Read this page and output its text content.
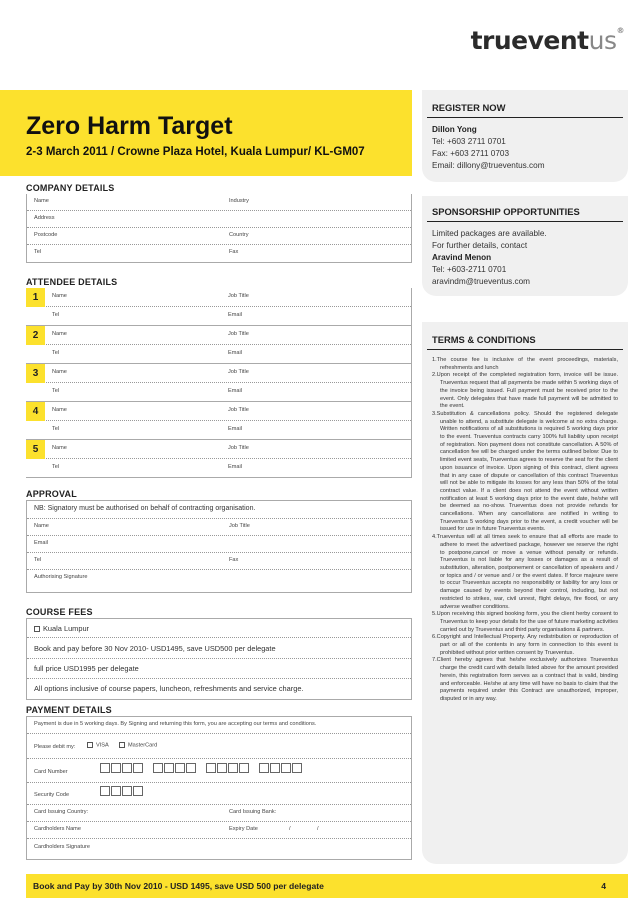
trueventus®
Zero Harm Target
2-3 March 2011 / Crowne Plaza Hotel, Kuala Lumpur/ KL-GM07
COMPANY DETAILS
Name	Industry
Address
Postcode	Country
Tel	Fax
ATTENDEE DETAILS
1	Name	Job Title
Tel	Email
2	Name	Job Title
Tel	Email
3	Name	Job Title
Tel	Email
4	Name	Job Title
Tel	Email
5	Name	Job Title
Tel	Email
APPROVAL
NB: Signatory must be authorised on behalf of contracting organisation.
Name	Job Title
Email
Tel	Fax
Authorising Signature
COURSE FEES
Kuala Lumpur
Book and pay before 30 Nov 2010- USD1495, save USD500 per delegate
full price USD1995 per delegate
All options inclusive of course papers, luncheon, refreshments and service charge.
PAYMENT DETAILS
Payment is due in 5 working days. By Signing and returning this form, you are accepting our terms and conditions.
Please debit my:	VISA	MasterCard
Card Number
Security Code
Card Issuing Country:	Card Issuing Bank:
Cardholders Name	Expiry Date	/	/
Cardholders Signature
REGISTER NOW
Dillon Yong
Tel: +603 2711 0701
Fax: +603 2711 0703
Email: dillony@trueventus.com
SPONSORSHIP OPPORTUNITIES
Limited packages are available.
For further details, contact
Aravind Menon
Tel: +603-2711 0701
aravindm@trueventus.com
TERMS & CONDITIONS
1.The course fee is inclusive of the event proceedings, materials, refreshments and lunch
2.Upon receipt of the completed registration form, invoice will be issue. Trueventus request that all payments be made within 5 working days of the invoice being issued. Full payment must be received prior to the event. Only delegates that have made full payment will be admitted to the event.
3.Substitution & cancellations policy. Should the registered delegate unable to attend, a substitute delegate is welcome at no extra charge. Written notifications of all substitutions is required 5 working days prior to the event. Trueventus contracts carry 100% full liability upon receipt of registration. Non payment does not constitute cancellation. A 50% of cancellation fee will be charged under the terms outlined below: Due to limited event seats, Trueventus agrees to reserve the seat for the client upon issuance of invoice. Upon signing of this contract, client agrees that in any case of dispute or cancellation of this contract Trueventus will not be able to mitigate its losses for any less than 50% of the total contract value. If a client does not attend the event without written notification at least 5 working days prior to the event date, he/she will be deemed as no-show. Trueventus does not provide refunds for cancellations. When any cancellations are notified in writing to Trueventus 5 working days prior to the event, a credit voucher will be issued for use in future Trueventus events.
4.Trueventus will at all times seek to ensure that all efforts are made to adhere to meet the advertised package, however we reserve the right to postpone,cancel or move a venue without penalty or refunds. Trueventus is not liable for any losses or damages as a result of substitution, alteration, postponement or cancellation of speakers and / or topics and / or venue and / or the event dates. If force majeure were to occur Trueventus accepts no responsibility or liability for any loss or damage caused by events beyond their control, including, but not restricted to strikes, war, civil unrest, flight delays, fire flood, or any adverse weather conditions.
5.Upon receiving this signed booking form, you the client herby consent to Trueventus to keep your details for the use of future marketing activities carried out by Trueventus and third party organisations & partners.
6.Copyright and Intellectual Property. Any redistribution or reproduction of part or all of the contents in any form in connection to this event is prohibited without prior written consent by Trueventus.
7.Client hereby agrees that he/she exclusively authorizes Trueventus charge the credit card with details listed above for the amount provided herein, this registration form serves as a contract that is valid, binding and enforceable. He/she at any time will have no basis to claim that the payments required under this Contract are unauthorized, improper, disputed or in any way.
Book and Pay by 30th Nov 2010 - USD 1495, save USD 500 per delegate	4
